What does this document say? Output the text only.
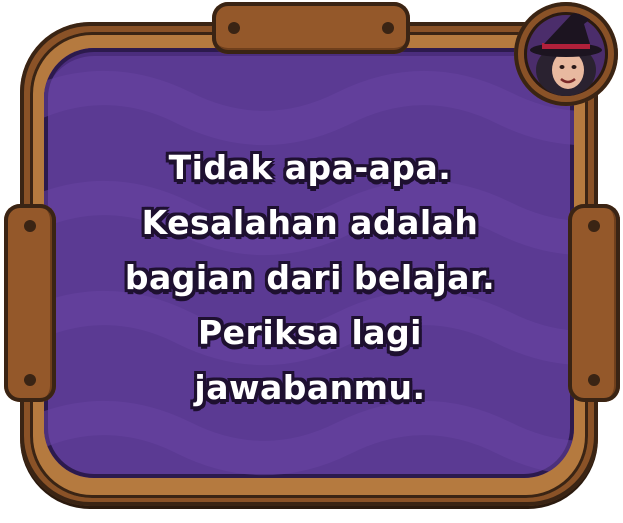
Tidak apa-apa.
Kesalahan adalah
bagian dari belajar.
Periksa lagi
jawabanmu.
